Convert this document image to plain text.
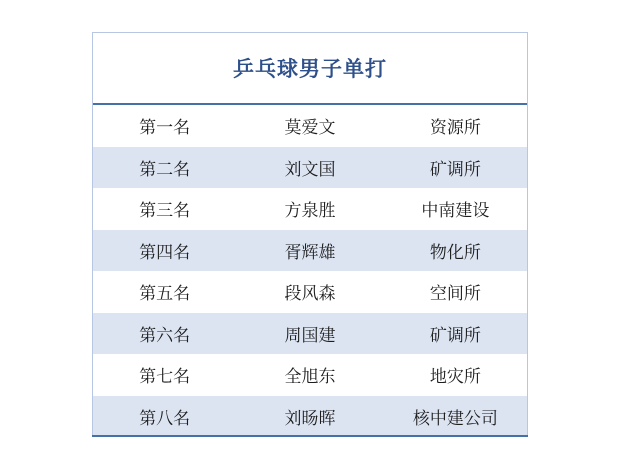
乒乓球男子单打
第一名	莫爱文	资源所
第二名	刘文国	矿调所
第三名	方泉胜	中南建设
第四名	胥辉雄	物化所
第五名	段风森	空间所
第六名	周国建	矿调所
第七名	全旭东	地灾所
第八名	刘旸晖	核中建公司
